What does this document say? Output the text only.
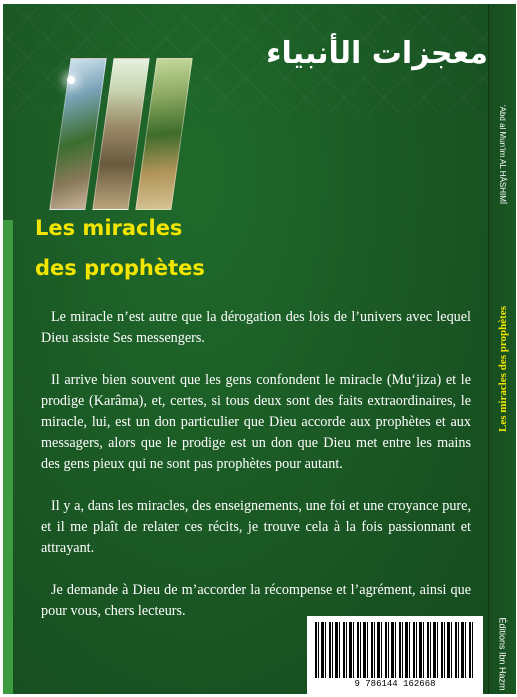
معجزات الأنبياء
Les miracles
des prophètes

Le miracle n’est autre que la dérogation des lois de l’univers avec lequel Dieu assiste Ses messengers.

Il arrive bien souvent que les gens confondent le miracle (Mu‘jiza) et le prodige (Karâma), et, certes, si tous deux sont des faits extraordinaires, le miracle, lui, est un don particulier que Dieu accorde aux prophètes et aux messagers, alors que le prodige est un don que Dieu met entre les mains des gens pieux qui ne sont pas prophètes pour autant.

Il y a, dans les miracles, des enseignements, une foi et une croyance pure, et il me plaît de relater ces récits, je trouve cela à la fois passionnant et attrayant.

Je demande à Dieu de m’accorder la récompense et l’agrément, ainsi que pour vous, chers lecteurs.

9 786144 162668
‘Abd al Mun‘im AL HÂSHIMÎ
Les miracles des prophètes
Éditions Ibn Hazm
